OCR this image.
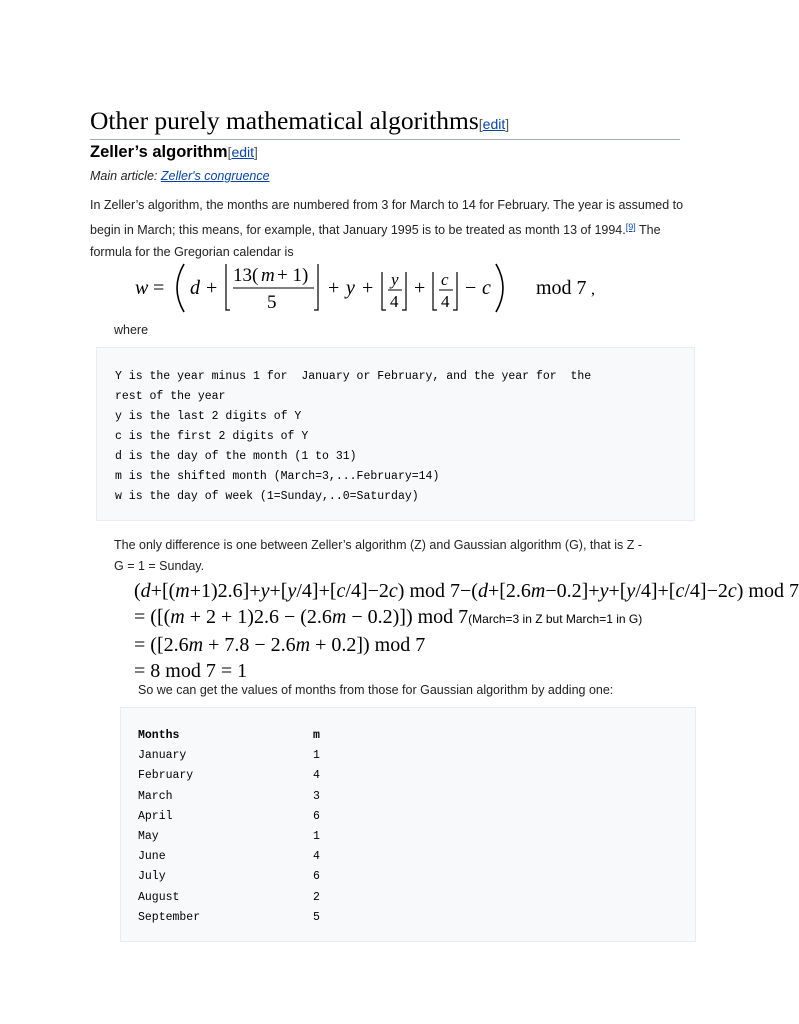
Other purely mathematical algorithms[edit]
Zeller’s algorithm[edit]
Main article: Zeller's congruence
In Zeller’s algorithm, the months are numbered from 3 for March to 14 for February. The year is assumed to begin in March; this means, for example, that January 1995 is to be treated as month 13 of 1994.[9] The formula for the Gregorian calendar is
w = d +
13( m + 1)
5
+ y + y
4
+ c
4
− c mod 7 ,
where
Y is the year minus 1 for  January or February, and the year for  the
rest of the year
y is the last 2 digits of Y
c is the first 2 digits of Y
d is the day of the month (1 to 31)
m is the shifted month (March=3,...February=14)
w is the day of week (1=Sunday,..0=Saturday)
The only difference is one between Zeller’s algorithm (Z) and Gaussian algorithm (G), that is Z -
G = 1 = Sunday.
(d+[(m+1)2.6]+y+[y/4]+[c/4]−2c) mod 7−(d+[2.6m−0.2]+y+[y/4]+[c/4]−2c) mod 7
= ([(m + 2 + 1)2.6 − (2.6m − 0.2)]) mod 7(March=3 in Z but March=1 in G)
= ([2.6m + 7.8 − 2.6m + 0.2]) mod 7
= 8 mod 7 = 1
So we can get the values of months from those for Gaussian algorithm by adding one:
Months	m
January	1
February	4
March	3
April	6
May	1
June	4
July	6
August	2
September	5
